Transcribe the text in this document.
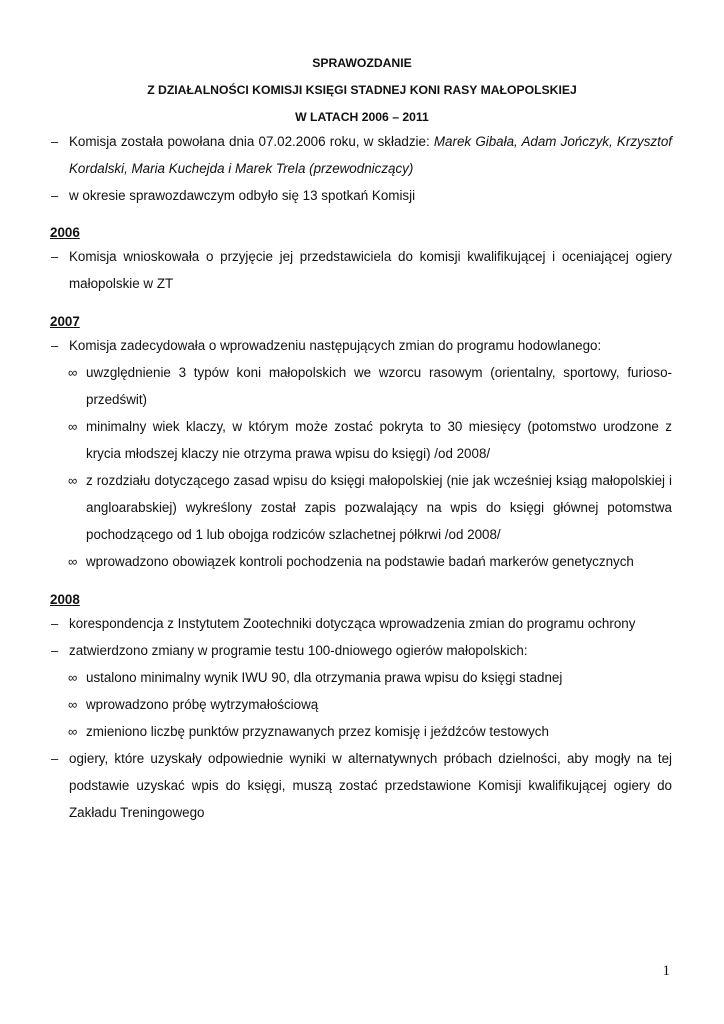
SPRAWOZDANIE
Z DZIAŁALNOŚCI KOMISJI KSIĘGI STADNEJ KONI RASY MAŁOPOLSKIEJ
W LATACH 2006 – 2011
– Komisja została powołana dnia 07.02.2006 roku, w składzie: Marek Gibała, Adam Jończyk, Krzysztof Kordalski, Maria Kuchejda i Marek Trela (przewodniczący)
– w okresie sprawozdawczym odbyło się 13 spotkań Komisji
2006
– Komisja wnioskowała o przyjęcie jej przedstawiciela do komisji kwalifikującej i oceniającej ogiery małopolskie w ZT
2007
– Komisja zadecydowała o wprowadzeniu następujących zmian do programu hodowlanego:
∞ uwzględnienie 3 typów koni małopolskich we wzorcu rasowym (orientalny, sportowy, furioso-przedświt)
∞ minimalny wiek klaczy, w którym może zostać pokryta to 30 miesięcy (potomstwo urodzone z krycia młodszej klaczy nie otrzyma prawa wpisu do księgi) /od 2008/
∞ z rozdziału dotyczącego zasad wpisu do księgi małopolskiej (nie jak wcześniej ksiąg małopolskiej i angloarabskiej) wykreślony został zapis pozwalający na wpis do księgi głównej potomstwa pochodzącego od 1 lub obojga rodziców szlachetnej półkrwi /od 2008/
∞ wprowadzono obowiązek kontroli pochodzenia na podstawie badań markerów genetycznych
2008
– korespondencja z Instytutem Zootechniki dotycząca wprowadzenia zmian do programu ochrony
– zatwierdzono zmiany w programie testu 100-dniowego ogierów małopolskich:
∞ ustalono minimalny wynik IWU 90, dla otrzymania prawa wpisu do księgi stadnej
∞ wprowadzono próbę wytrzymałościową
∞ zmieniono liczbę punktów przyznawanych przez komisję i jeźdźców testowych
– ogiery, które uzyskały odpowiednie wyniki w alternatywnych próbach dzielności, aby mogły na tej podstawie uzyskać wpis do księgi, muszą zostać przedstawione Komisji kwalifikującej ogiery do Zakładu Treningowego
1
